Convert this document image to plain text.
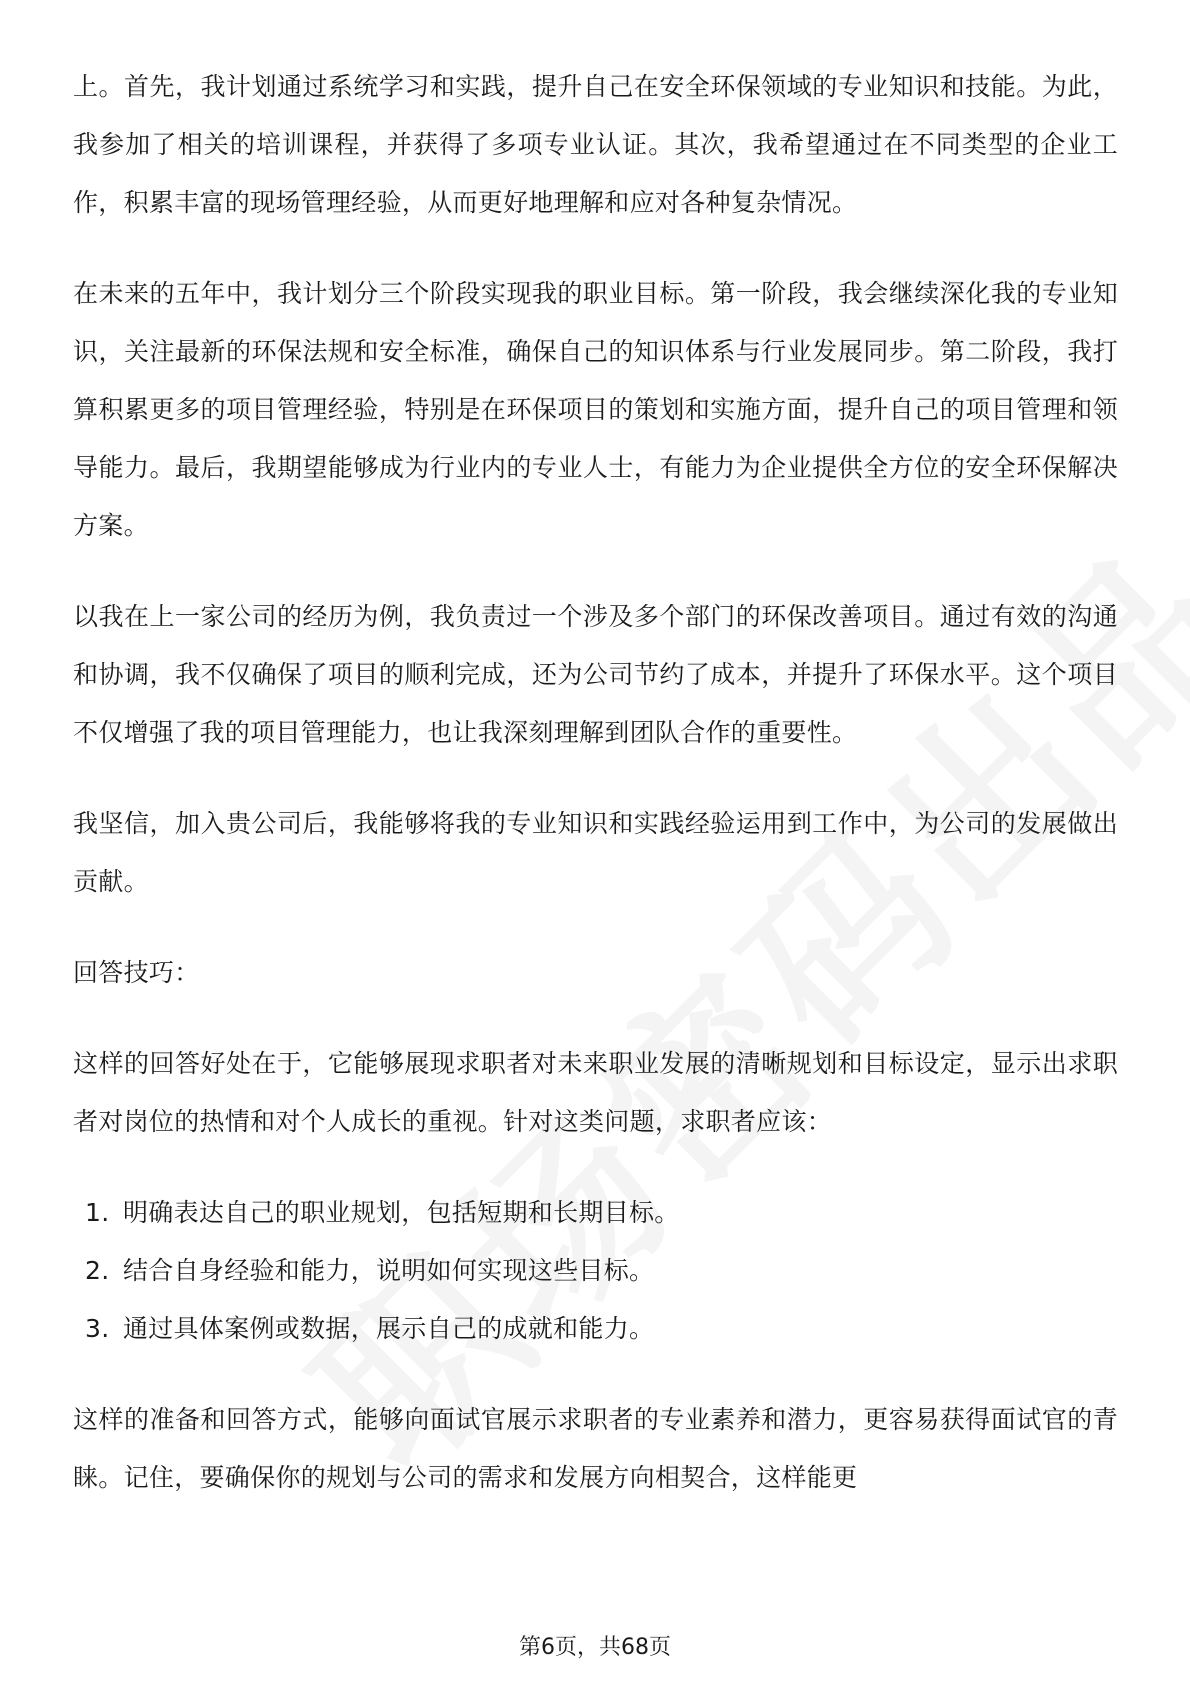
上。首先，我计划通过系统学习和实践，提升自己在安全环保领域的专业知识和技能。为此，我参加了相关的培训课程，并获得了多项专业认证。其次，我希望通过在不同类型的企业工作，积累丰富的现场管理经验，从而更好地理解和应对各种复杂情况。

在未来的五年中，我计划分三个阶段实现我的职业目标。第一阶段，我会继续深化我的专业知识，关注最新的环保法规和安全标准，确保自己的知识体系与行业发展同步。第二阶段，我打算积累更多的项目管理经验，特别是在环保项目的策划和实施方面，提升自己的项目管理和领导能力。最后，我期望能够成为行业内的专业人士，有能力为企业提供全方位的安全环保解决方案。

以我在上一家公司的经历为例，我负责过一个涉及多个部门的环保改善项目。通过有效的沟通和协调，我不仅确保了项目的顺利完成，还为公司节约了成本，并提升了环保水平。这个项目不仅增强了我的项目管理能力，也让我深刻理解到团队合作的重要性。

我坚信，加入贵公司后，我能够将我的专业知识和实践经验运用到工作中，为公司的发展做出贡献。

回答技巧：

这样的回答好处在于，它能够展现求职者对未来职业发展的清晰规划和目标设定，显示出求职者对岗位的热情和对个人成长的重视。针对这类问题，求职者应该：

1. 明确表达自己的职业规划，包括短期和长期目标。
2. 结合自身经验和能力，说明如何实现这些目标。
3. 通过具体案例或数据，展示自己的成就和能力。

这样的准备和回答方式，能够向面试官展示求职者的专业素养和潜力，更容易获得面试官的青睐。记住，要确保你的规划与公司的需求和发展方向相契合，这样能更

第6页，共68页
